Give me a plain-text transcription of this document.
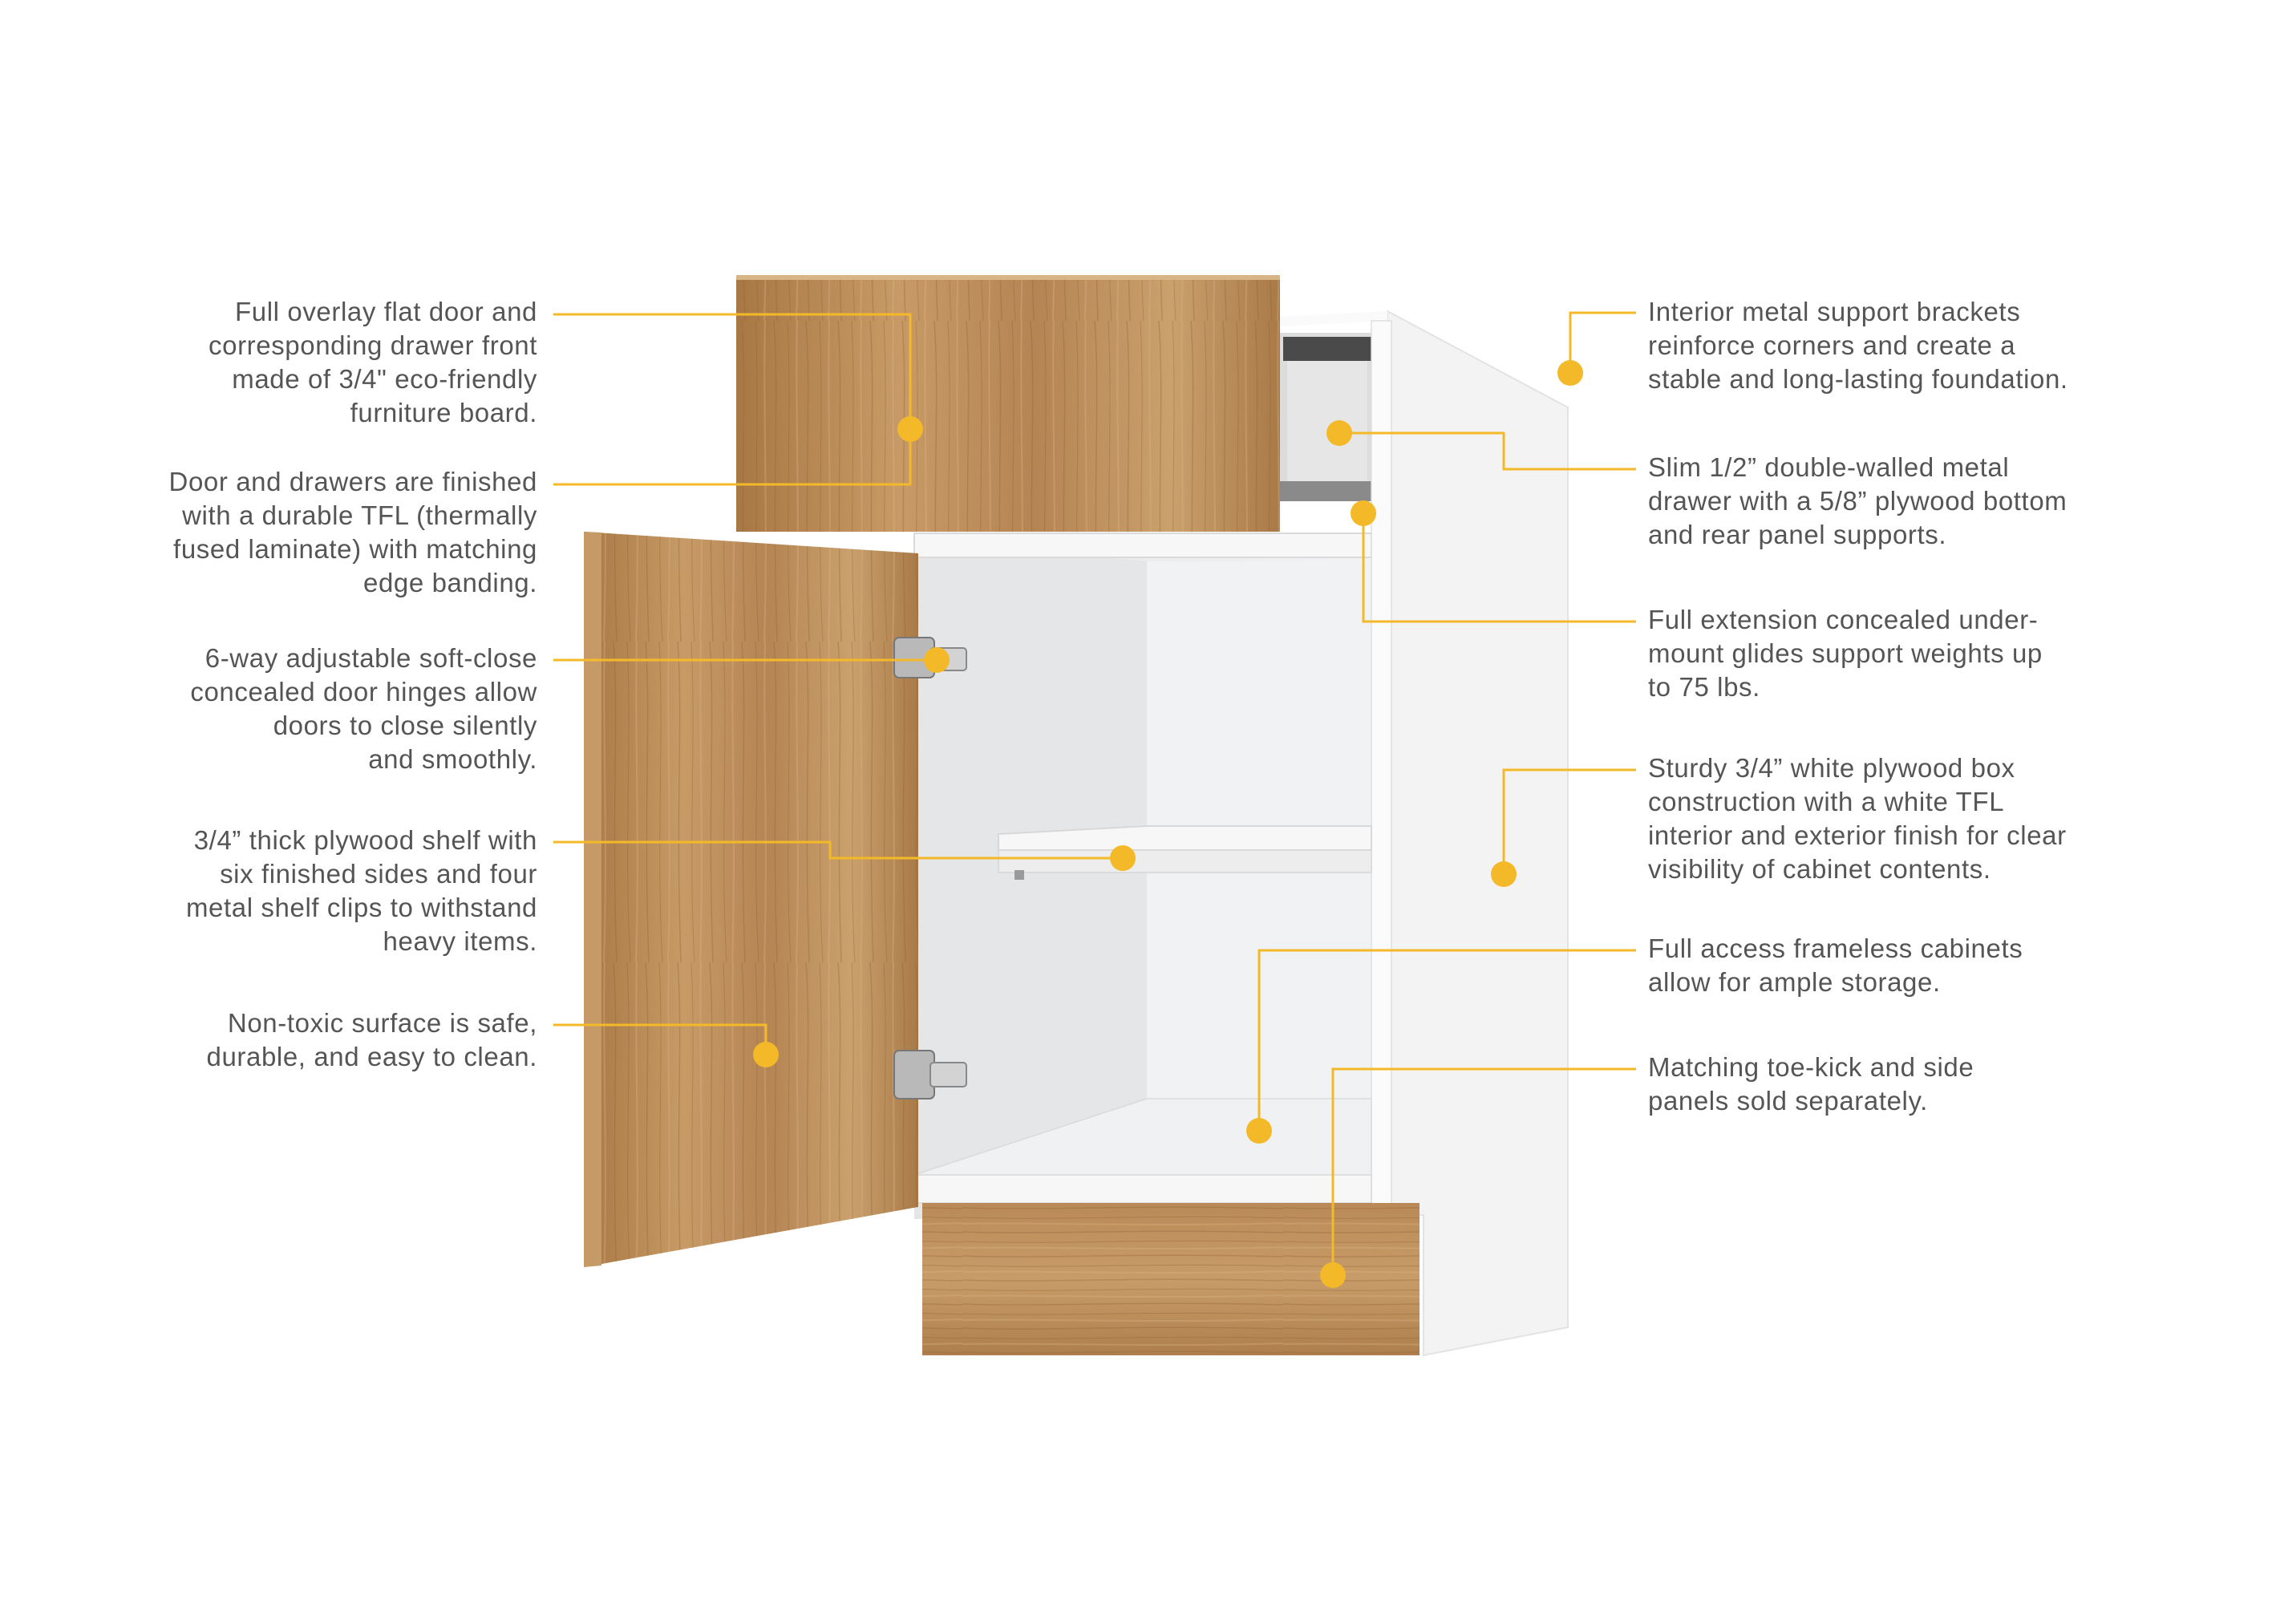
Full overlay flat door and
corresponding drawer front
made of 3/4" eco-friendly
furniture board.
Door and drawers are finished
with a durable TFL (thermally
fused laminate) with matching
edge banding.
6-way adjustable soft-close
concealed door hinges allow
doors to close silently
and smoothly.
3/4” thick plywood shelf with
six finished sides and four
metal shelf clips to withstand
heavy items.
Non-toxic surface is safe,
durable, and easy to clean.
Interior metal support brackets
reinforce corners and create a
stable and long-lasting foundation.
Slim 1/2” double-walled metal
drawer with a 5/8” plywood bottom
and rear panel supports.
Full extension concealed under-
mount glides support weights up
to 75 lbs.
Sturdy 3/4” white plywood box
construction with a white TFL
interior and exterior finish for clear
visibility of cabinet contents.
Full access frameless cabinets
allow for ample storage.
Matching toe-kick and side
panels sold separately.
